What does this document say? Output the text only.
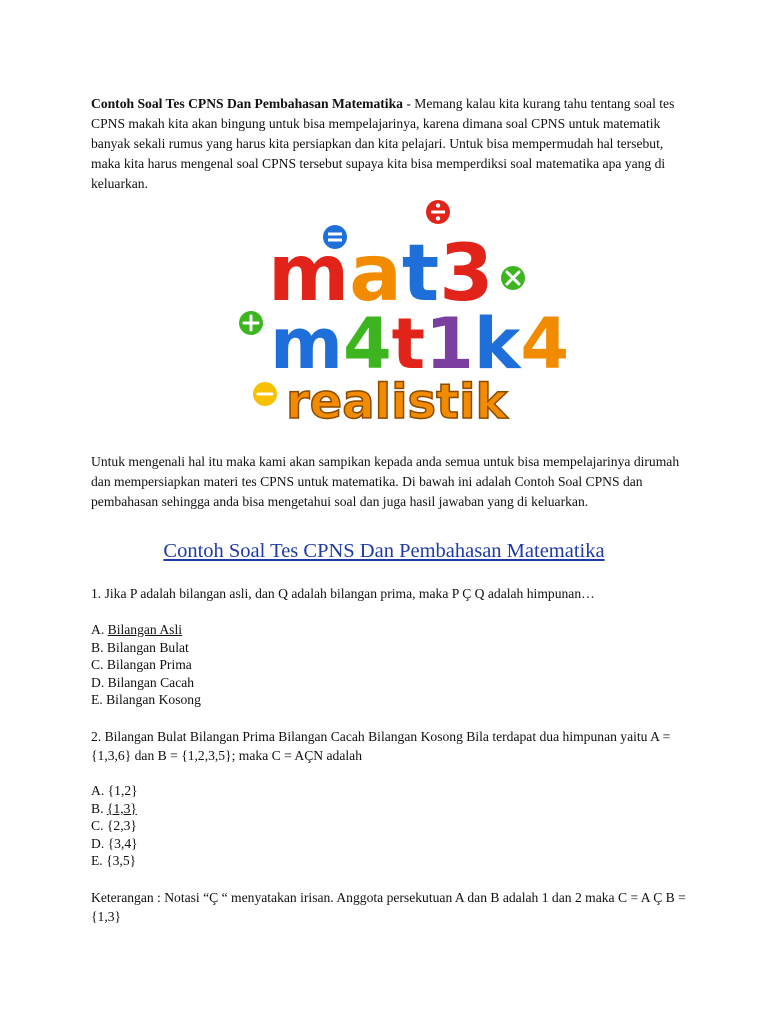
Contoh Soal Tes CPNS Dan Pembahasan Matematika - Memang kalau kita kurang tahu tentang soal tes CPNS makah kita akan bingung untuk bisa mempelajarinya, karena dimana soal CPNS untuk matematik banyak sekali rumus yang harus kita persiapkan dan kita pelajari. Untuk bisa mempermudah hal tersebut, maka kita harus mengenal soal CPNS tersebut supaya kita bisa memperdiksi soal matematika apa yang di keluarkan.

mat3
m4t1k4
realistik

Untuk mengenali hal itu maka kami akan sampikan kepada anda semua untuk bisa mempelajarinya dirumah dan mempersiapkan materi tes CPNS untuk matematika. Di bawah ini adalah Contoh Soal CPNS dan pembahasan sehingga anda bisa mengetahui soal dan juga hasil jawaban yang di keluarkan.

Contoh Soal Tes CPNS Dan Pembahasan Matematika

1. Jika P adalah bilangan asli, dan Q adalah bilangan prima, maka P Ç Q adalah himpunan…

A. Bilangan Asli
B. Bilangan Bulat
C. Bilangan Prima
D. Bilangan Cacah
E. Bilangan Kosong

2. Bilangan Bulat Bilangan Prima Bilangan Cacah Bilangan Kosong Bila terdapat dua himpunan yaitu A = {1,3,6} dan B = {1,2,3,5}; maka C = AÇN adalah

A. {1,2}
B. {1,3}
C. {2,3}
D. {3,4}
E. {3,5}

Keterangan : Notasi “Ç “ menyatakan irisan. Anggota persekutuan A dan B adalah 1 dan 2 maka C = A Ç B = {1,3}
